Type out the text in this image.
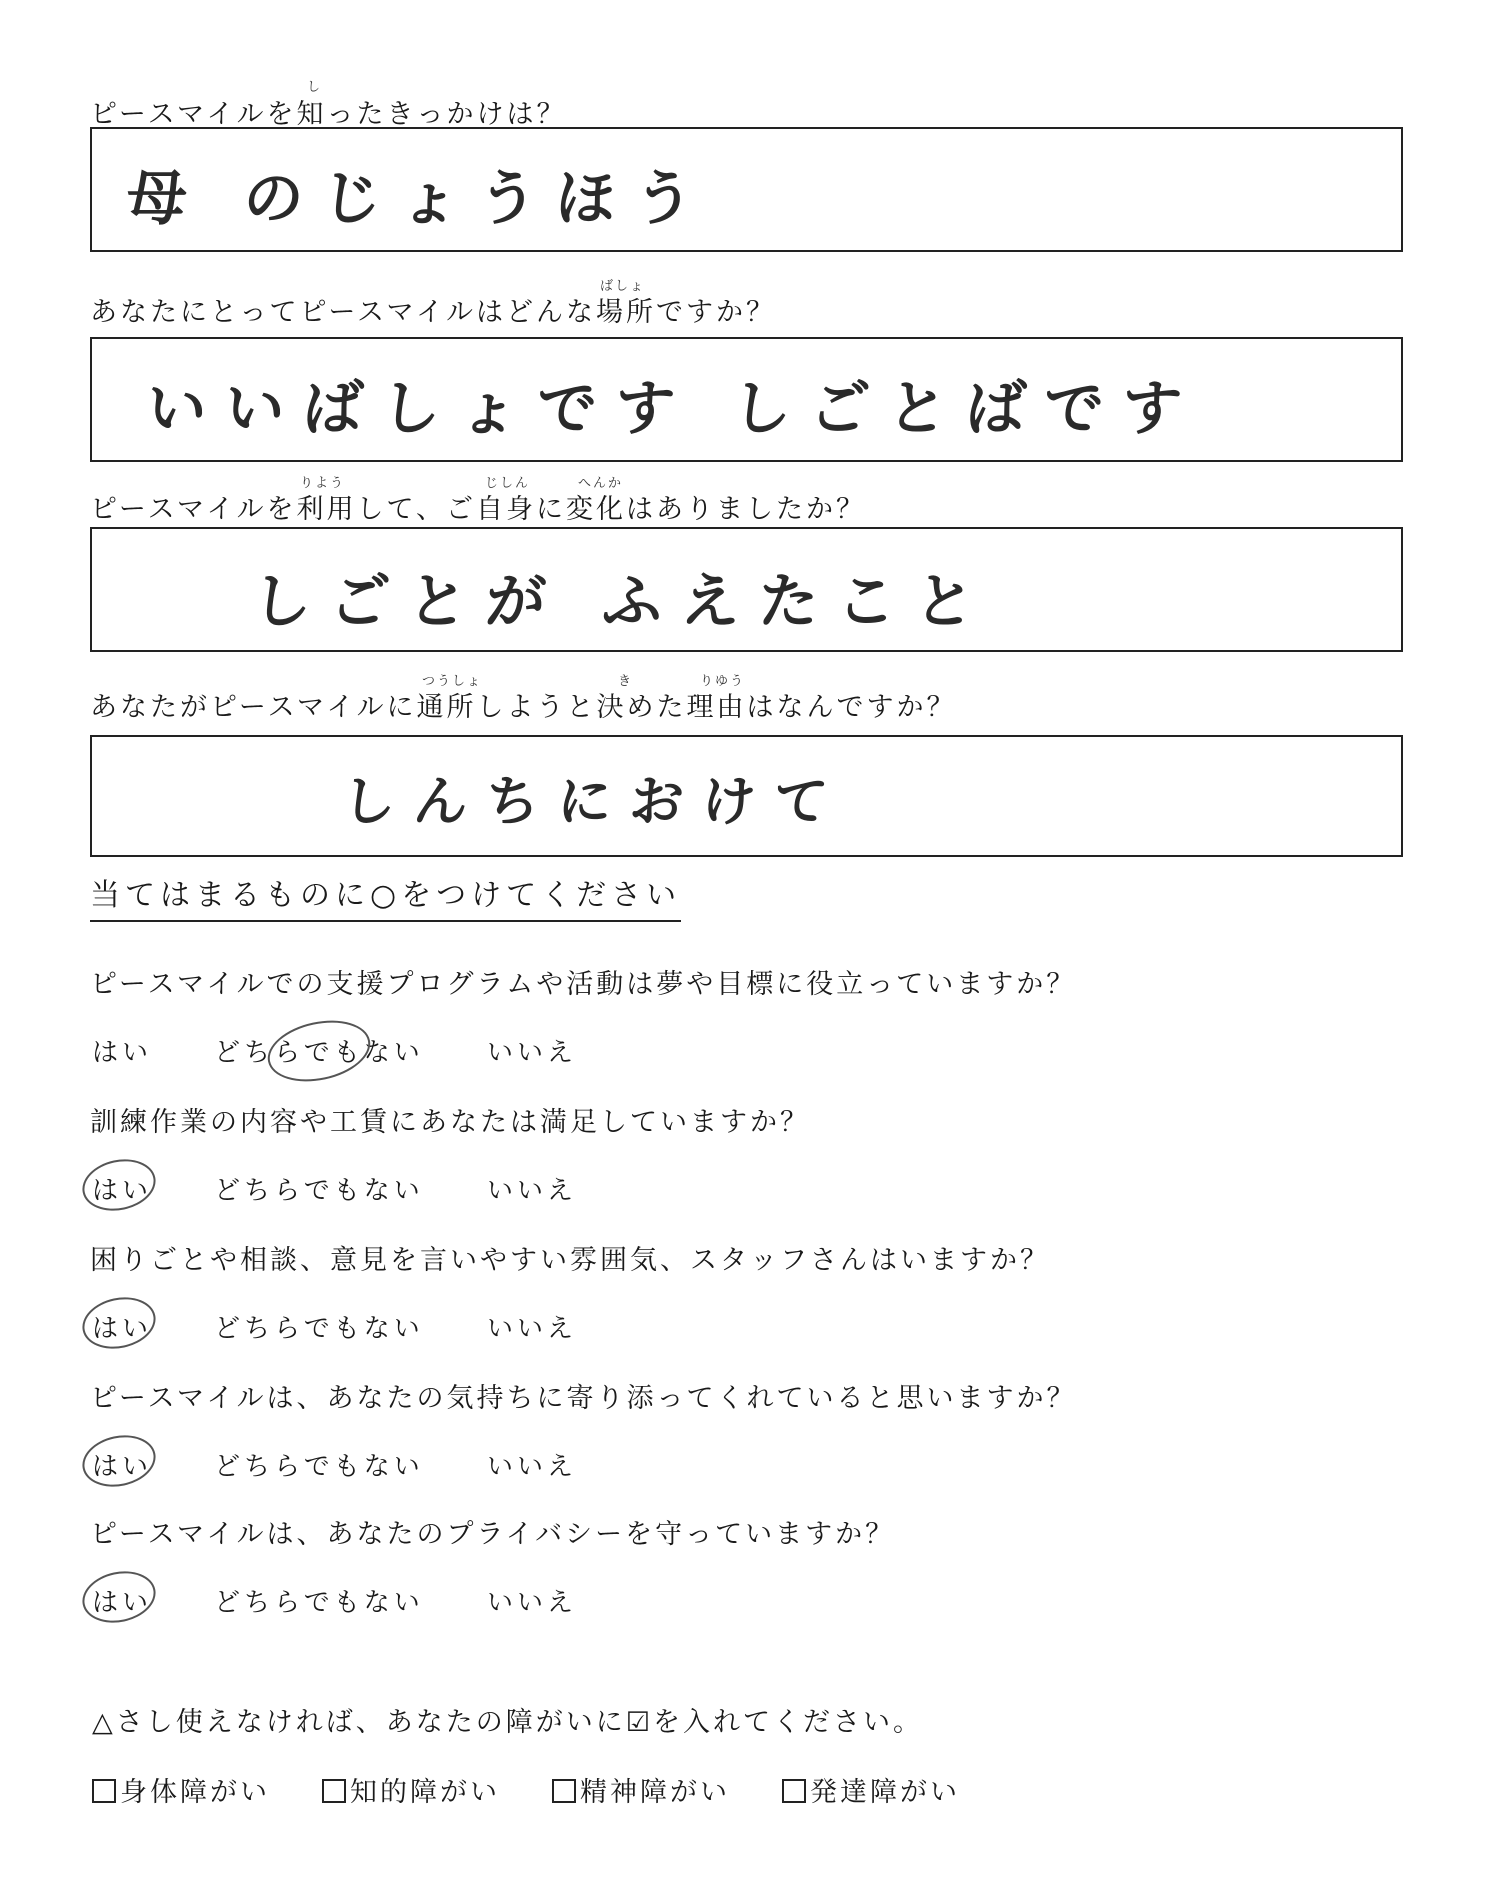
し
ピースマイルを知ったきっかけは？
母 のじょうほう
ばしょ
あなたにとってピースマイルはどんな場所ですか？
いいばしょです しごとばです
りよう	じしん	へんか
ピースマイルを利用して、ご自身に変化はありましたか？
しごとが ふえたこと
つうしょ	き	りゆう
あなたがピースマイルに通所しようと決めた理由はなんですか？
しんちにおけて
当てはまるものに○をつけてください
ピースマイルでの支援プログラムや活動は夢や目標に役立っていますか？
はい どちらでもない いいえ
訓練作業の内容や工賃にあなたは満足していますか？
はい どちらでもない いいえ
困りごとや相談、意見を言いやすい雰囲気、スタッフさんはいますか？
はい どちらでもない いいえ
ピースマイルは、あなたの気持ちに寄り添ってくれていると思いますか？
はい どちらでもない いいえ
ピースマイルは、あなたのプライバシーを守っていますか？
はい どちらでもない いいえ
△さし使えなければ、あなたの障がいに☑を入れてください。
身体障がい	知的障がい	精神障がい	発達障がい
